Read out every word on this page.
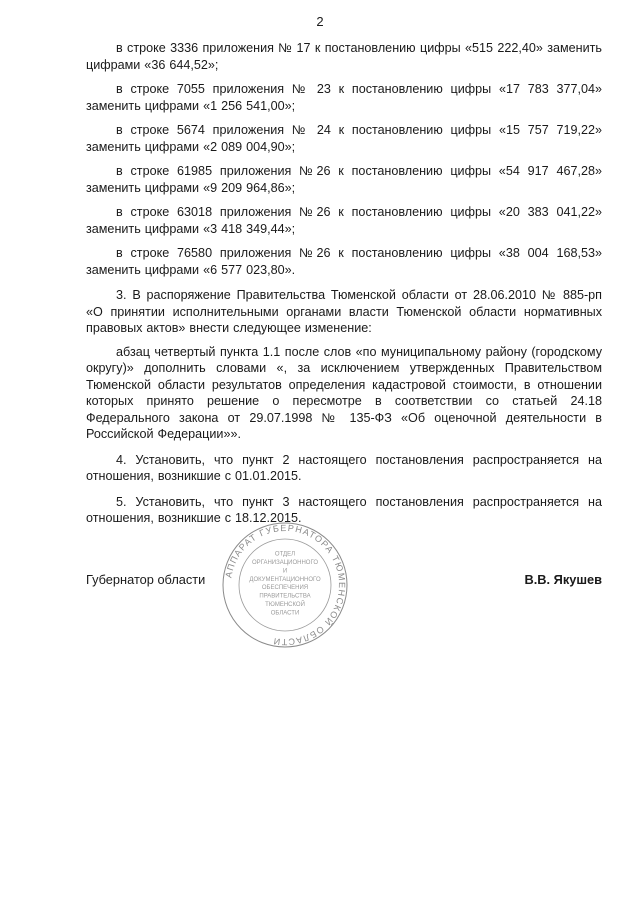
2

в строке 3336 приложения № 17 к постановлению цифры «515 222,40» заменить цифрами «36 644,52»;

в строке 7055 приложения № 23 к постановлению цифры «17 783 377,04» заменить цифрами «1 256 541,00»;

в строке 5674 приложения № 24 к постановлению цифры «15 757 719,22» заменить цифрами «2 089 004,90»;

в строке 61985 приложения №26 к постановлению цифры «54 917 467,28» заменить цифрами «9 209 964,86»;

в строке 63018 приложения №26 к постановлению цифры «20 383 041,22» заменить цифрами «3 418 349,44»;

в строке 76580 приложения №26 к постановлению цифры «38 004 168,53» заменить цифрами «6 577 023,80».

3. В распоряжение Правительства Тюменской области от 28.06.2010 № 885-рп «О принятии исполнительными органами власти Тюменской области нормативных правовых актов» внести следующее изменение:

абзац четвертый пункта 1.1 после слов «по муниципальному району (городскому округу)» дополнить словами «, за исключением утвержденных Правительством Тюменской области результатов определения кадастровой стоимости, в отношении которых принято решение о пересмотре в соответствии со статьей 24.18 Федерального закона от 29.07.1998 № 135-ФЗ «Об оценочной деятельности в Российской Федерации»».

4. Установить, что пункт 2 настоящего постановления распространяется на отношения, возникшие с 01.01.2015.

5. Установить, что пункт 3 настоящего постановления распространяется на отношения, возникшие с 18.12.2015.

АППАРАТ ГУБЕРНАТОРА ТЮМЕНСКОЙ ОБЛАСТИ
ОТДЕЛ
ОРГАНИЗАЦИОННОГО
И
ДОКУМЕНТАЦИОННОГО
ОБЕСПЕЧЕНИЯ
ПРАВИТЕЛЬСТВА
ТЮМЕНСКОЙ
ОБЛАСТИ
Губернатор области	В.В. Якушев
